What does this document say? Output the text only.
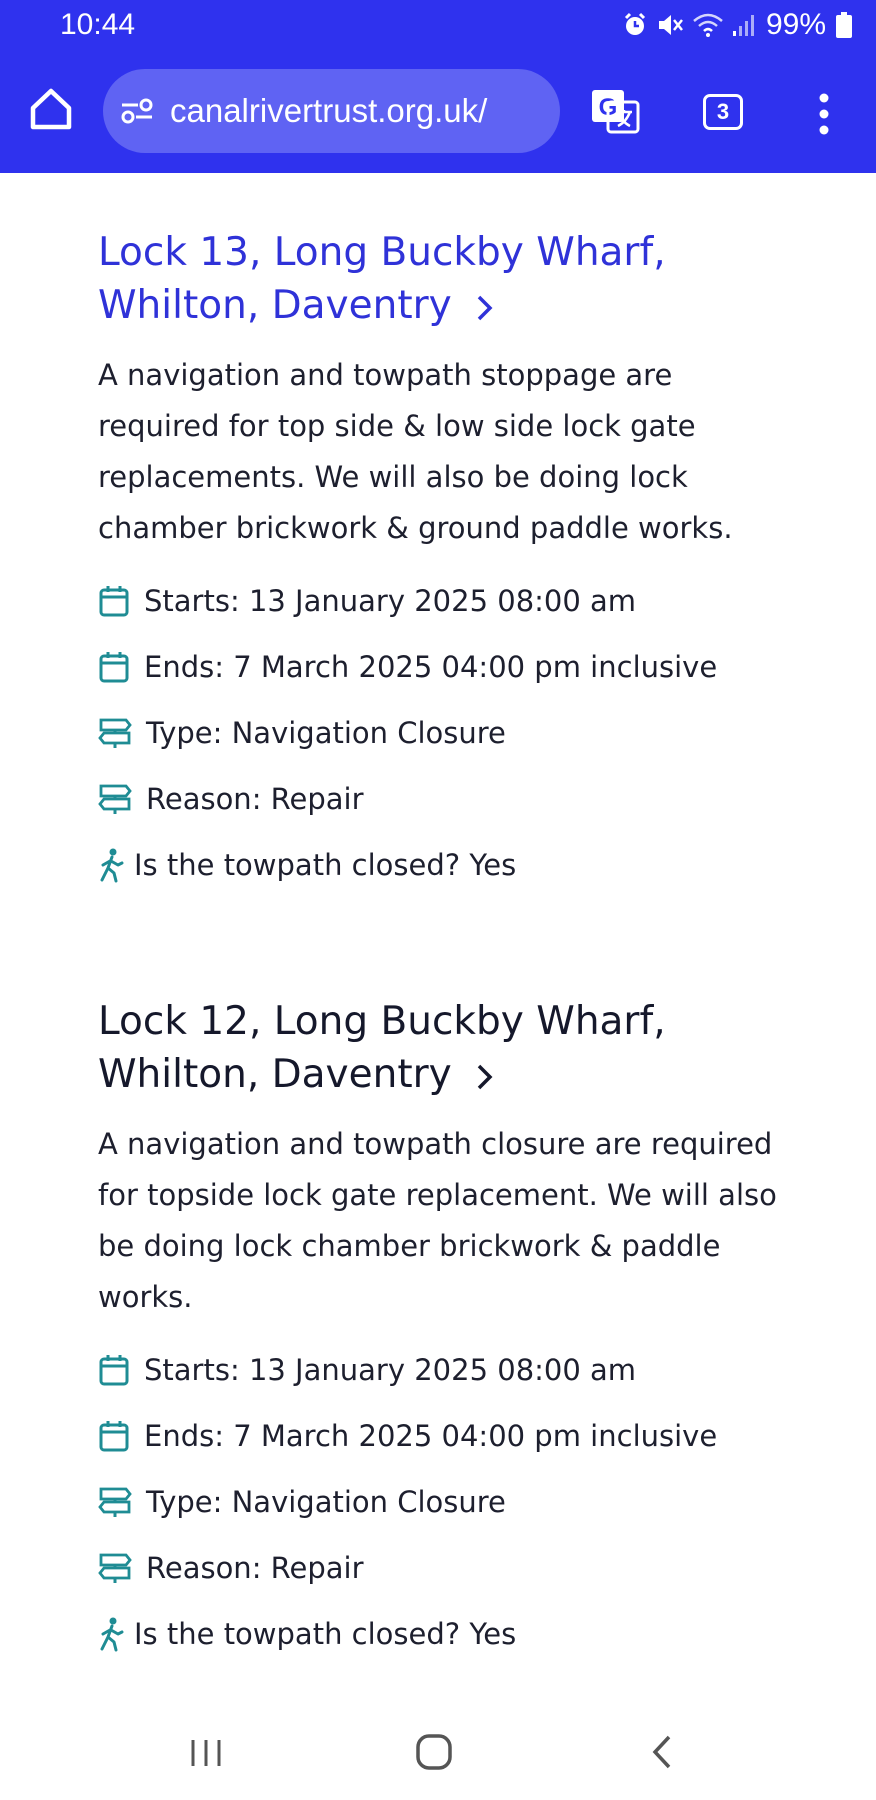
10:44	99%
canalrivertrust.org.uk/	G	3
Lock 13, Long Buckby Wharf,
Whilton, Daventry
A navigation and towpath stoppage are required for top side & low side lock gate replacements. We will also be doing lock chamber brickwork & ground paddle works.
Starts: 13 January 2025 08:00 am
Ends: 7 March 2025 04:00 pm inclusive
Type: Navigation Closure
Reason: Repair
Is the towpath closed? Yes
Lock 12, Long Buckby Wharf,
Whilton, Daventry
A navigation and towpath closure are required for topside lock gate replacement. We will also be doing lock chamber brickwork & paddle works.
Starts: 13 January 2025 08:00 am
Ends: 7 March 2025 04:00 pm inclusive
Type: Navigation Closure
Reason: Repair
Is the towpath closed? Yes
